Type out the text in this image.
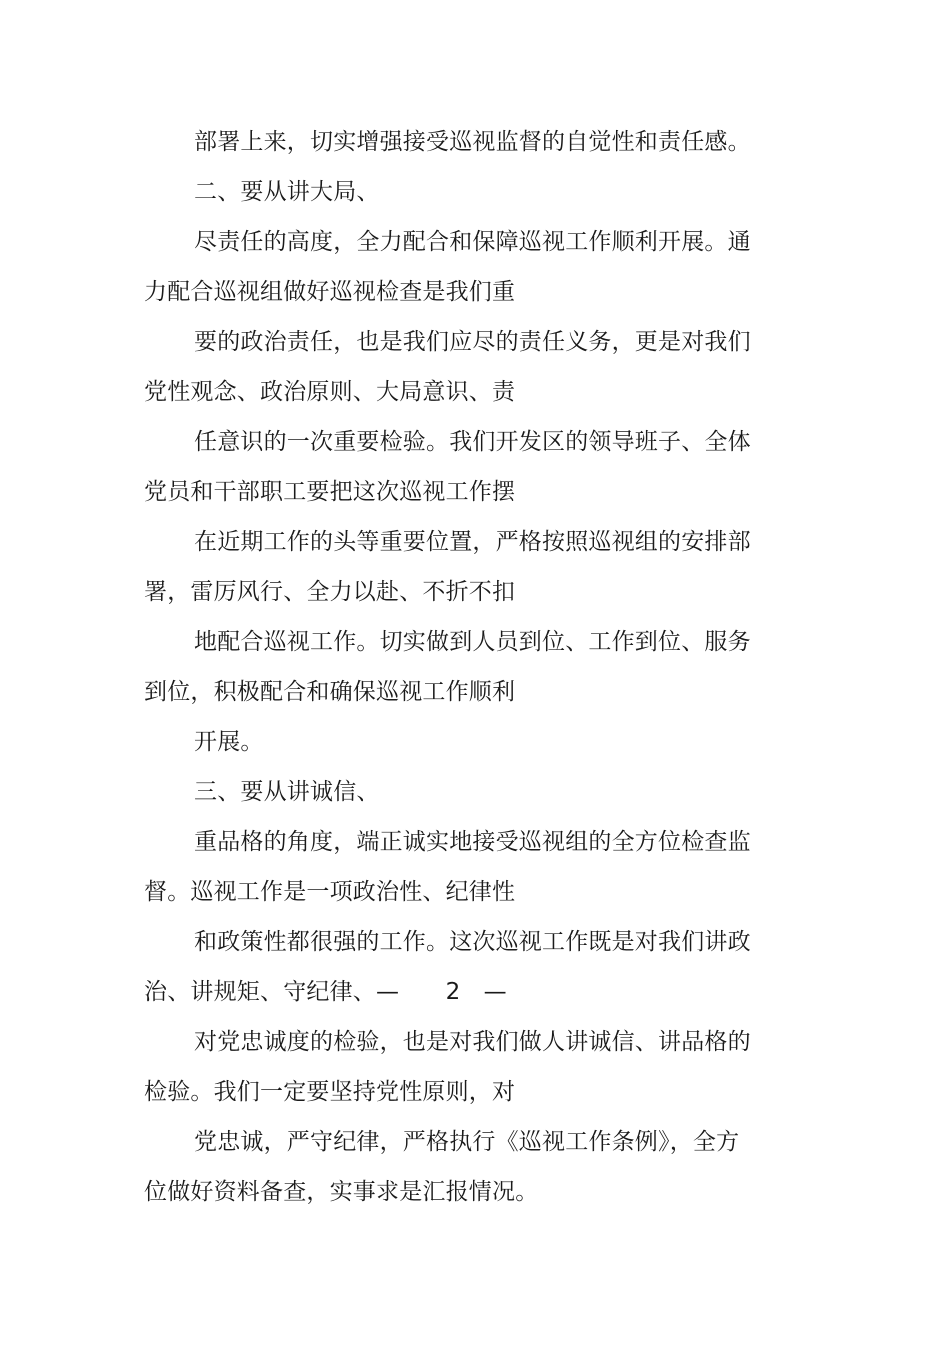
部署上来，切实增强接受巡视监督的自觉性和责任感。
二、要从讲大局、
尽责任的高度，全力配合和保障巡视工作顺利开展。通
力配合巡视组做好巡视检查是我们重
要的政治责任，也是我们应尽的责任义务，更是对我们
党性观念、政治原则、大局意识、责
任意识的一次重要检验。我们开发区的领导班子、全体
党员和干部职工要把这次巡视工作摆
在近期工作的头等重要位置，严格按照巡视组的安排部
署，雷厉风行、全力以赴、不折不扣
地配合巡视工作。切实做到人员到位、工作到位、服务
到位，积极配合和确保巡视工作顺利
开展。
三、要从讲诚信、
重品格的角度，端正诚实地接受巡视组的全方位检查监
督。巡视工作是一项政治性、纪律性
和政策性都很强的工作。这次巡视工作既是对我们讲政
治、讲规矩、守纪律、—　　2　—
对党忠诚度的检验，也是对我们做人讲诚信、讲品格的
检验。我们一定要坚持党性原则，对
党忠诚，严守纪律，严格执行《巡视工作条例》，全方
位做好资料备查，实事求是汇报情况。
